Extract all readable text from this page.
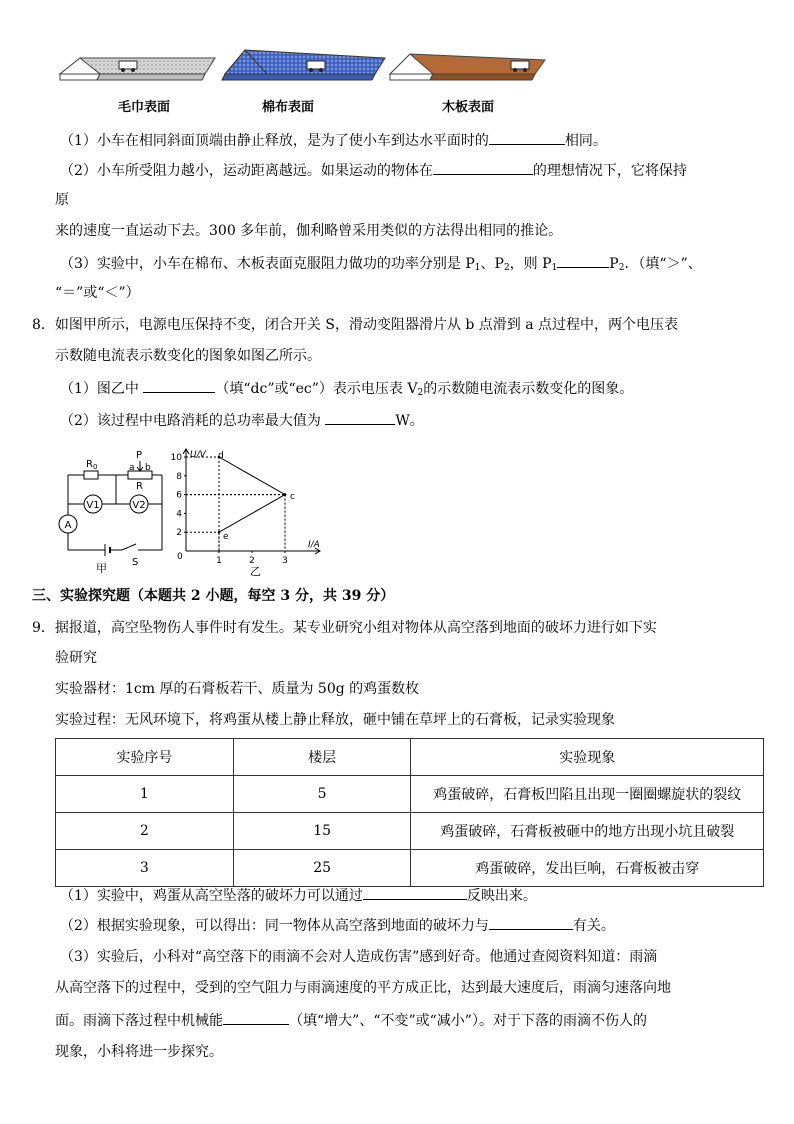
毛巾表面	棉布表面	木板表面
（1）小车在相同斜面顶端由静止释放，是为了使小车到达水平面时的	相同。
（2）小车所受阻力越小，运动距离越远。如果运动的物体在	的理想情况下，它将保持
原
来的速度一直运动下去。300 多年前，伽利略曾采用类似的方法得出相同的推论。
（3）实验中，小车在棉布、木板表面克服阻力做功的功率分别是 $P_1$、$P_2$，则 $P_1$	$P_2$．（填“＞”、
“＝”或“＜”）
8．如图甲所示，电源电压保持不变，闭合开关 S，滑动变阻器滑片从 b 点滑到 a 点过程中，两个电压表
示数随电流表示数变化的图象如图乙所示。
（1）图乙中	（填“dc”或“ec”）表示电压表 $V_2$的示数随电流表示数变化的图象。
（2）该过程中电路消耗的总功率最大值为	W。
V1	V2
A
$R_0$
P
a b
R
S
甲
2
4
6
8
10
1	2	3
U/V
I/A
0
d
e
c
乙
三、实验探究题（本题共 2 小题，每空 3 分，共 39 分）
9．据报道，高空坠物伤人事件时有发生。某专业研究小组对物体从高空落到地面的破坏力进行如下实
验研究
实验器材：1cm 厚的石膏板若干、质量为 50g 的鸡蛋数枚
实验过程：无风环境下，将鸡蛋从楼上静止释放，砸中铺在草坪上的石膏板，记录实验现象
实验序号	楼层	实验现象
1	5	鸡蛋破碎，石膏板凹陷且出现一圈圈螺旋状的裂纹
2	15	鸡蛋破碎，石膏板被砸中的地方出现小坑且破裂
3	25	鸡蛋破碎，发出巨响，石膏板被击穿
（1）实验中，鸡蛋从高空坠落的破坏力可以通过	反映出来。
（2）根据实验现象，可以得出：同一物体从高空落到地面的破坏力与	有关。
（3）实验后，小科对“高空落下的雨滴不会对人造成伤害”感到好奇。他通过查阅资料知道：雨滴
从高空落下的过程中，受到的空气阻力与雨滴速度的平方成正比，达到最大速度后，雨滴匀速落向地
面。雨滴下落过程中机械能	（填“增大”、“不变”或“减小”）。对于下落的雨滴不伤人的
现象，小科将进一步探究。
